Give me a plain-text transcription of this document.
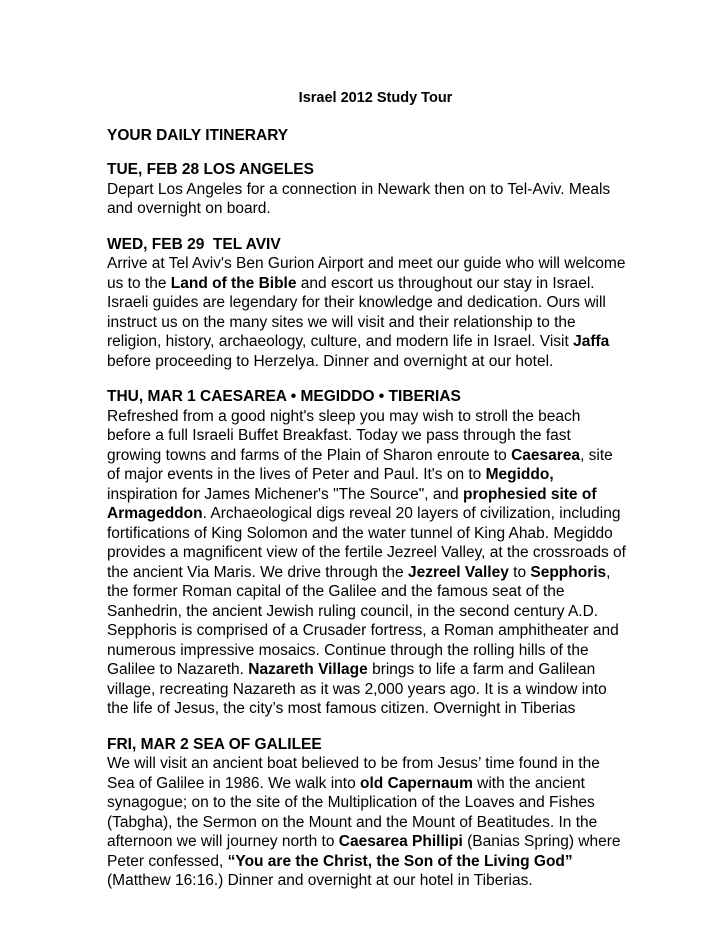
Israel 2012 Study Tour
YOUR DAILY ITINERARY
TUE, FEB 28 LOS ANGELES
Depart Los Angeles for a connection in Newark then on to Tel-Aviv. Meals and overnight on board.
WED, FEB 29  TEL AVIV
Arrive at Tel Aviv's Ben Gurion Airport and meet our guide who will welcome us to the Land of the Bible and escort us throughout our stay in Israel. Israeli guides are legendary for their knowledge and dedication. Ours will instruct us on the many sites we will visit and their relationship to the religion, history, archaeology, culture, and modern life in Israel. Visit Jaffa before proceeding to Herzelya. Dinner and overnight at our hotel.
THU, MAR 1 CAESAREA • MEGIDDO • TIBERIAS
Refreshed from a good night's sleep you may wish to stroll the beach before a full Israeli Buffet Breakfast. Today we pass through the fast growing towns and farms of the Plain of Sharon enroute to Caesarea, site of major events in the lives of Peter and Paul. It's on to Megiddo, inspiration for James Michener's "The Source", and prophesied site of Armageddon. Archaeological digs reveal 20 layers of civilization, including fortifications of King Solomon and the water tunnel of King Ahab. Megiddo provides a magnificent view of the fertile Jezreel Valley, at the crossroads of the ancient Via Maris. We drive through the Jezreel Valley to Sepphoris, the former Roman capital of the Galilee and the famous seat of the Sanhedrin, the ancient Jewish ruling council, in the second century A.D. Sepphoris is comprised of a Crusader fortress, a Roman amphitheater and numerous impressive mosaics. Continue through the rolling hills of the Galilee to Nazareth. Nazareth Village brings to life a farm and Galilean village, recreating Nazareth as it was 2,000 years ago. It is a window into the life of Jesus, the city’s most famous citizen. Overnight in Tiberias
FRI, MAR 2 SEA OF GALILEE
We will visit an ancient boat believed to be from Jesus’ time found in the Sea of Galilee in 1986. We walk into old Capernaum with the ancient synagogue; on to the site of the Multiplication of the Loaves and Fishes (Tabgha), the Sermon on the Mount and the Mount of Beatitudes. In the afternoon we will journey north to Caesarea Phillipi (Banias Spring) where Peter confessed, “You are the Christ, the Son of the Living God” (Matthew 16:16.) Dinner and overnight at our hotel in Tiberias.
